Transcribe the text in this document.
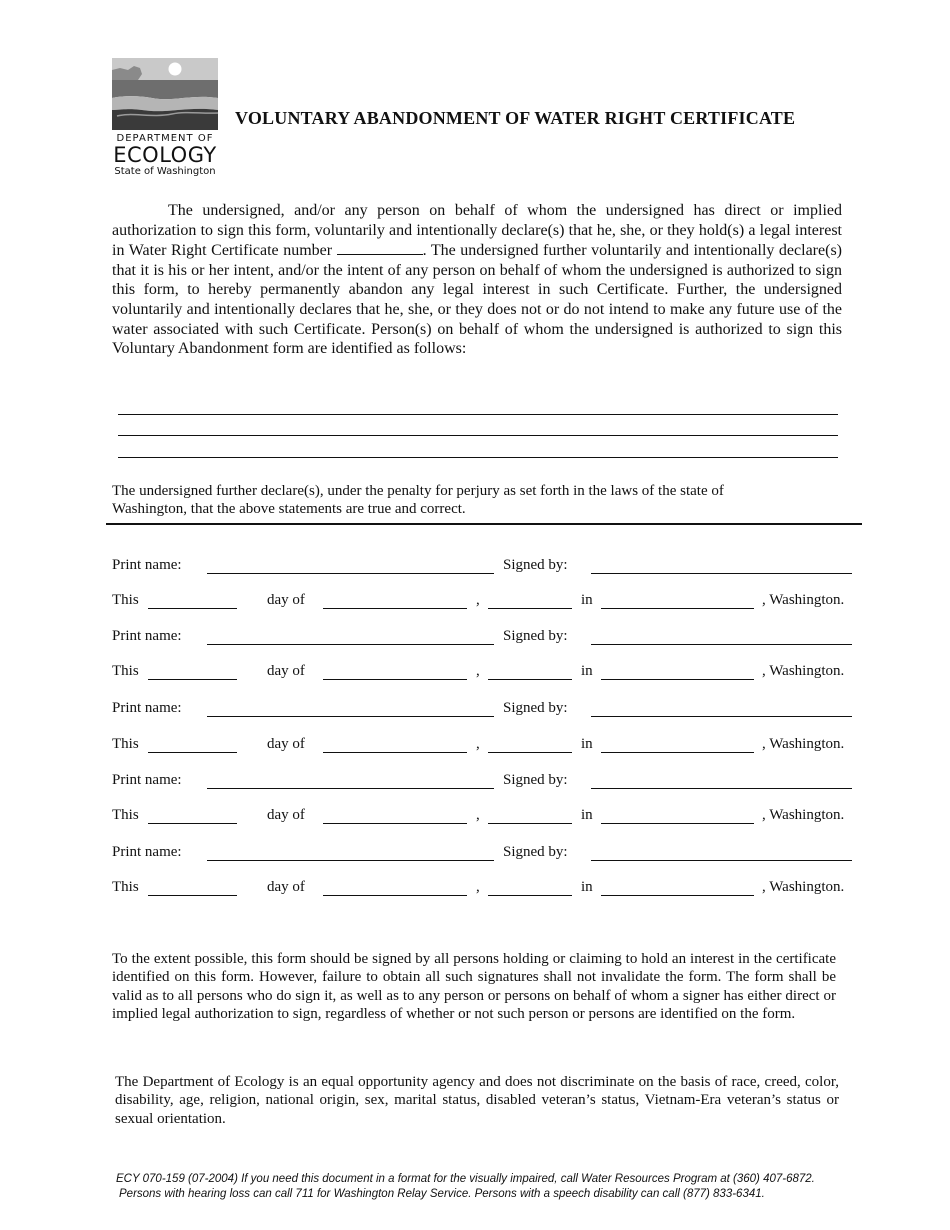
DEPARTMENT OF
ECOLOGY
State of Washington
VOLUNTARY ABANDONMENT OF WATER RIGHT CERTIFICATE
The undersigned, and/or any person on behalf of whom the undersigned has direct or implied authorization to sign this form, voluntarily and intentionally declare(s) that he, she, or they hold(s) a legal interest in Water Right Certificate number	. The undersigned further voluntarily and intentionally declare(s) that it is his or her intent, and/or the intent of any person on behalf of whom the undersigned is authorized to sign this form, to hereby permanently abandon any legal interest in such Certificate. Further, the undersigned voluntarily and intentionally declares that he, she, or they does not or do not intend to make any future use of the water associated with such Certificate. Person(s) on behalf of whom the undersigned is authorized to sign this Voluntary Abandonment form are identified as follows:
The undersigned further declare(s), under the penalty for perjury as set forth in the laws of the state of Washington, that the above statements are true and correct.
Print name:	Signed by:
This	day of	,	in	, Washington.
Print name:	Signed by:
This	day of	,	in	, Washington.
Print name:	Signed by:
This	day of	,	in	, Washington.
Print name:	Signed by:
This	day of	,	in	, Washington.
Print name:	Signed by:
This	day of	,	in	, Washington.
To the extent possible, this form should be signed by all persons holding or claiming to hold an interest in the certificate identified on this form. However, failure to obtain all such signatures shall not invalidate the form. The form shall be valid as to all persons who do sign it, as well as to any person or persons on behalf of whom a signer has either direct or implied legal authorization to sign, regardless of whether or not such person or persons are identified on the form.
The Department of Ecology is an equal opportunity agency and does not discriminate on the basis of race, creed, color, disability, age, religion, national origin, sex, marital status, disabled veteran’s status, Vietnam-Era veteran’s status or sexual orientation.
ECY 070-159 (07-2004) If you need this document in a format for the visually impaired, call Water Resources Program at (360) 407-6872.
Persons with hearing loss can call 711 for Washington Relay Service. Persons with a speech disability can call (877) 833-6341.
